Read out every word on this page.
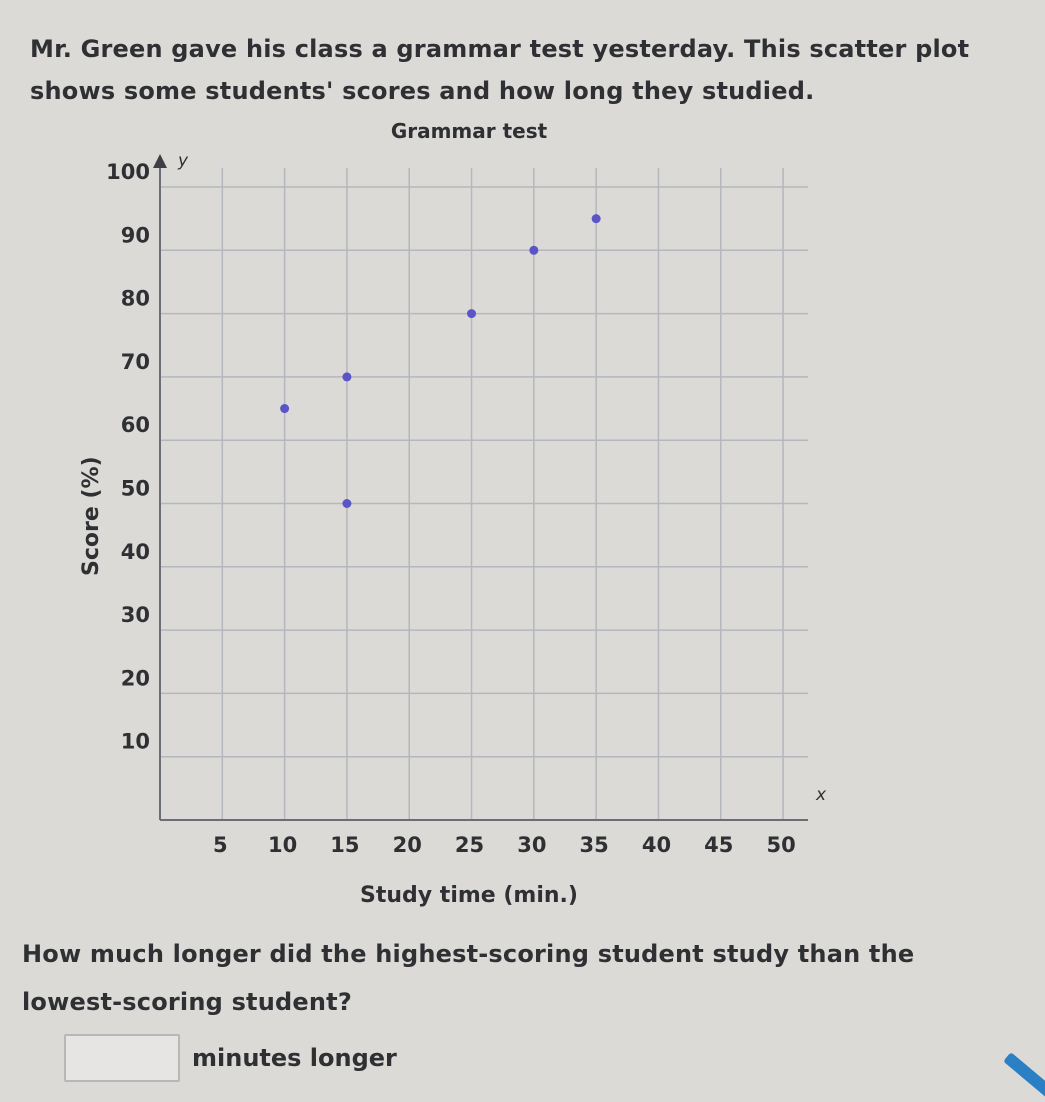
Mr. Green gave his class a grammar test yesterday. This scatter plot shows some students' scores and how long they studied.
Grammar test
y
x
10
20
30
40
50
60
70
80
90
100
5 10 15 20 25 30 35 40 45 50
Study time (min.)
Score (%)
How much longer did the highest-scoring student study than the lowest-scoring student?
minutes longer
